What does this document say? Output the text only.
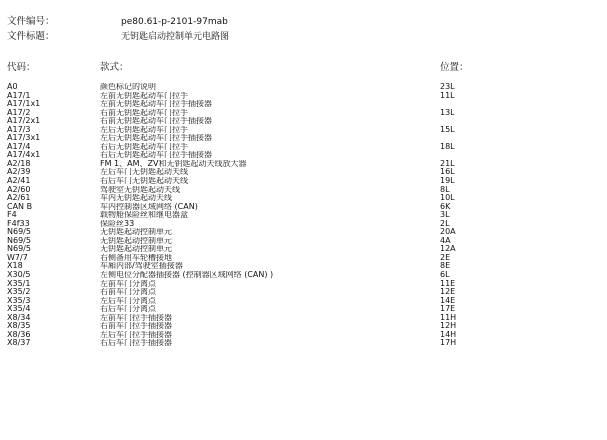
文件编号：	pe80.61-p-2101-97mab
文件标题：	无钥匙启动控制单元电路图
代码：	款式：	位置：
A0	颜色标记的说明	23L
A17/1	左前无钥匙起动车门拉手	11L
A17/1x1	左前无钥匙起动车门拉手插接器
A17/2	右前无钥匙起动车门拉手	13L
A17/2x1	右前无钥匙起动车门拉手插接器
A17/3	左后无钥匙起动车门拉手	15L
A17/3x1	左后无钥匙起动车门拉手插接器
A17/4	右后无钥匙起动车门拉手	18L
A17/4x1	右后无钥匙起动车门拉手插接器
A2/18	FM 1、AM、ZV和无钥匙起动天线放大器	21L
A2/39	左后车门无钥匙起动天线	16L
A2/41	右后车门无钥匙起动天线	19L
A2/60	驾驶室无钥匙起动天线	8L
A2/61	车内无钥匙起动天线	10L
CAN B	车内控制器区域网络 (CAN)	6K
F4	载物舱保险丝和继电器盒	3L
F4f33	保险丝33	2L
N69/5	无钥匙起动控制单元	20A
N69/5	无钥匙起动控制单元	4A
N69/5	无钥匙起动控制单元	12A
W7/7	右侧备用车轮槽接地	2E
X18	车厢内部/驾驶室插接器	8E
X30/5	左侧电位分配器插接器 (控制器区域网络 (CAN) )	6L
X35/1	左前车门分离点	11E
X35/2	右前车门分离点	12E
X35/3	左后车门分离点	14E
X35/4	右后车门分离点	17E
X8/34	左前车门拉手插接器	11H
X8/35	右前车门拉手插接器	12H
X8/36	左后车门拉手插接器	14H
X8/37	右后车门拉手插接器	17H
